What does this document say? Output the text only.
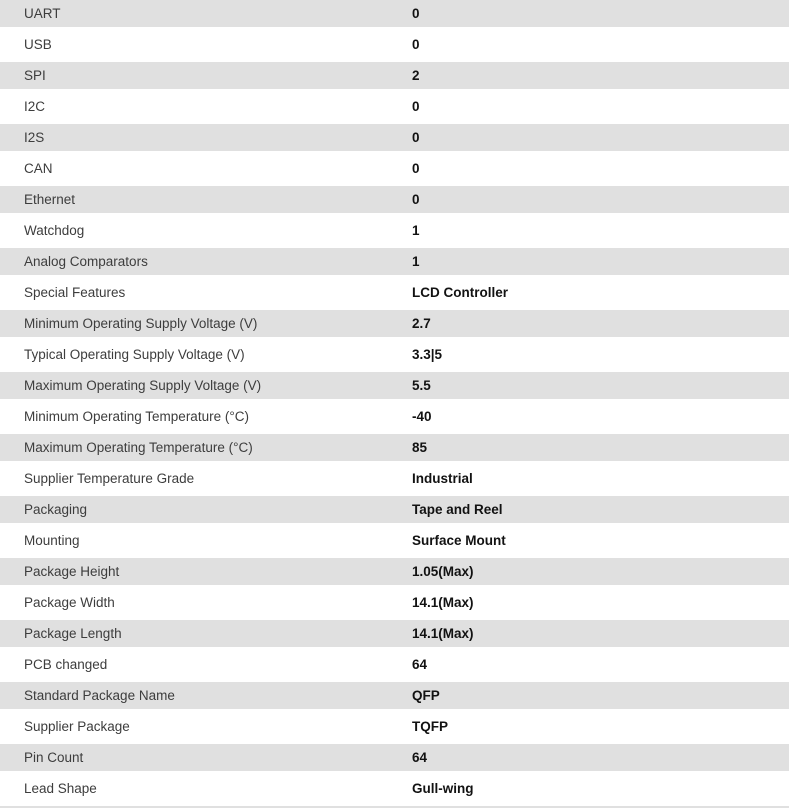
UART	0
USB	0
SPI	2
I2C	0
I2S	0
CAN	0
Ethernet	0
Watchdog	1
Analog Comparators	1
Special Features	LCD Controller
Minimum Operating Supply Voltage (V)	2.7
Typical Operating Supply Voltage (V)	3.3|5
Maximum Operating Supply Voltage (V)	5.5
Minimum Operating Temperature (°C)	-40
Maximum Operating Temperature (°C)	85
Supplier Temperature Grade	Industrial
Packaging	Tape and Reel
Mounting	Surface Mount
Package Height	1.05(Max)
Package Width	14.1(Max)
Package Length	14.1(Max)
PCB changed	64
Standard Package Name	QFP
Supplier Package	TQFP
Pin Count	64
Lead Shape	Gull-wing
